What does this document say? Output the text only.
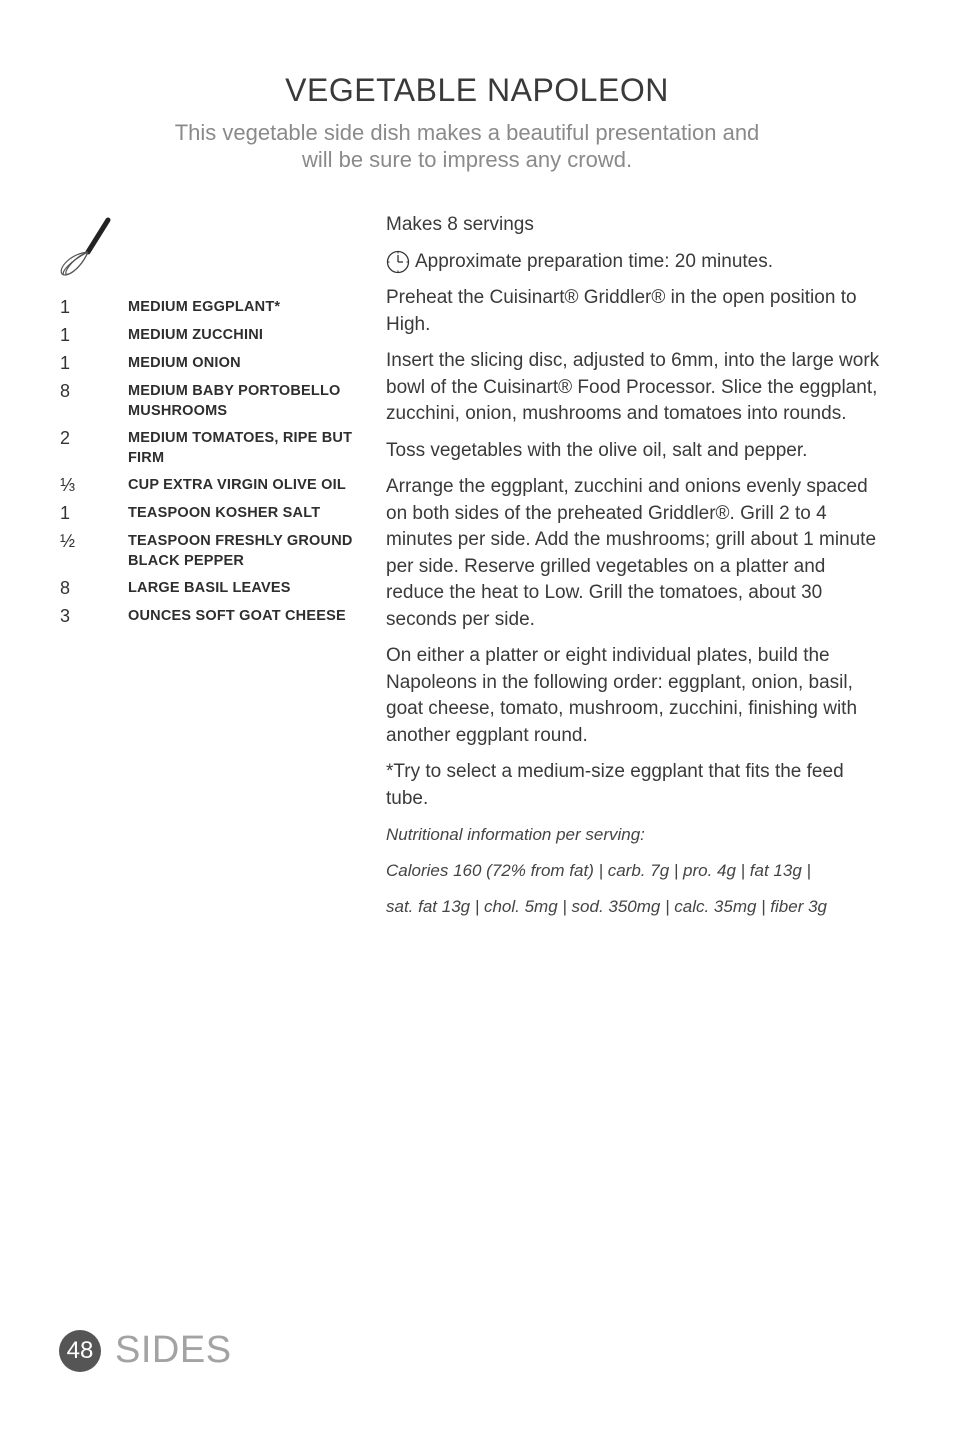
VEGETABLE NAPOLEON
This vegetable side dish makes a beautiful presentation and
will be sure to impress any crowd.
1	MEDIUM EGGPLANT*
1	MEDIUM ZUCCHINI
1	MEDIUM ONION
8	MEDIUM BABY PORTOBELLO MUSHROOMS
2	MEDIUM TOMATOES, RIPE BUT FIRM
⅓	CUP EXTRA VIRGIN OLIVE OIL
1	TEASPOON KOSHER SALT
½	TEASPOON FRESHLY GROUND BLACK PEPPER
8	LARGE BASIL LEAVES
3	OUNCES SOFT GOAT CHEESE

Makes 8 servings

Approximate preparation time: 20 minutes.

Preheat the Cuisinart® Griddler® in the open position to High.

Insert the slicing disc, adjusted to 6mm, into the large work bowl of the Cuisinart® Food Processor. Slice the eggplant, zucchini, onion, mushrooms and tomatoes into rounds.

Toss vegetables with the olive oil, salt and pepper.

Arrange the eggplant, zucchini and onions evenly spaced on both sides of the preheated Griddler®. Grill 2 to 4 minutes per side. Add the mushrooms; grill about 1 minute per side. Reserve grilled vegetables on a platter and reduce the heat to Low. Grill the tomatoes, about 30 seconds per side.

On either a platter or eight individual plates, build the Napoleons in the following order: eggplant, onion, basil, goat cheese, tomato, mushroom, zucchini, finishing with another eggplant round.

*Try to select a medium-size eggplant that fits the feed tube.

Nutritional information per serving:

Calories 160 (72% from fat) | carb. 7g | pro. 4g | fat 13g |

sat. fat 13g | chol. 5mg | sod. 350mg | calc. 35mg | fiber 3g

48 SIDES
